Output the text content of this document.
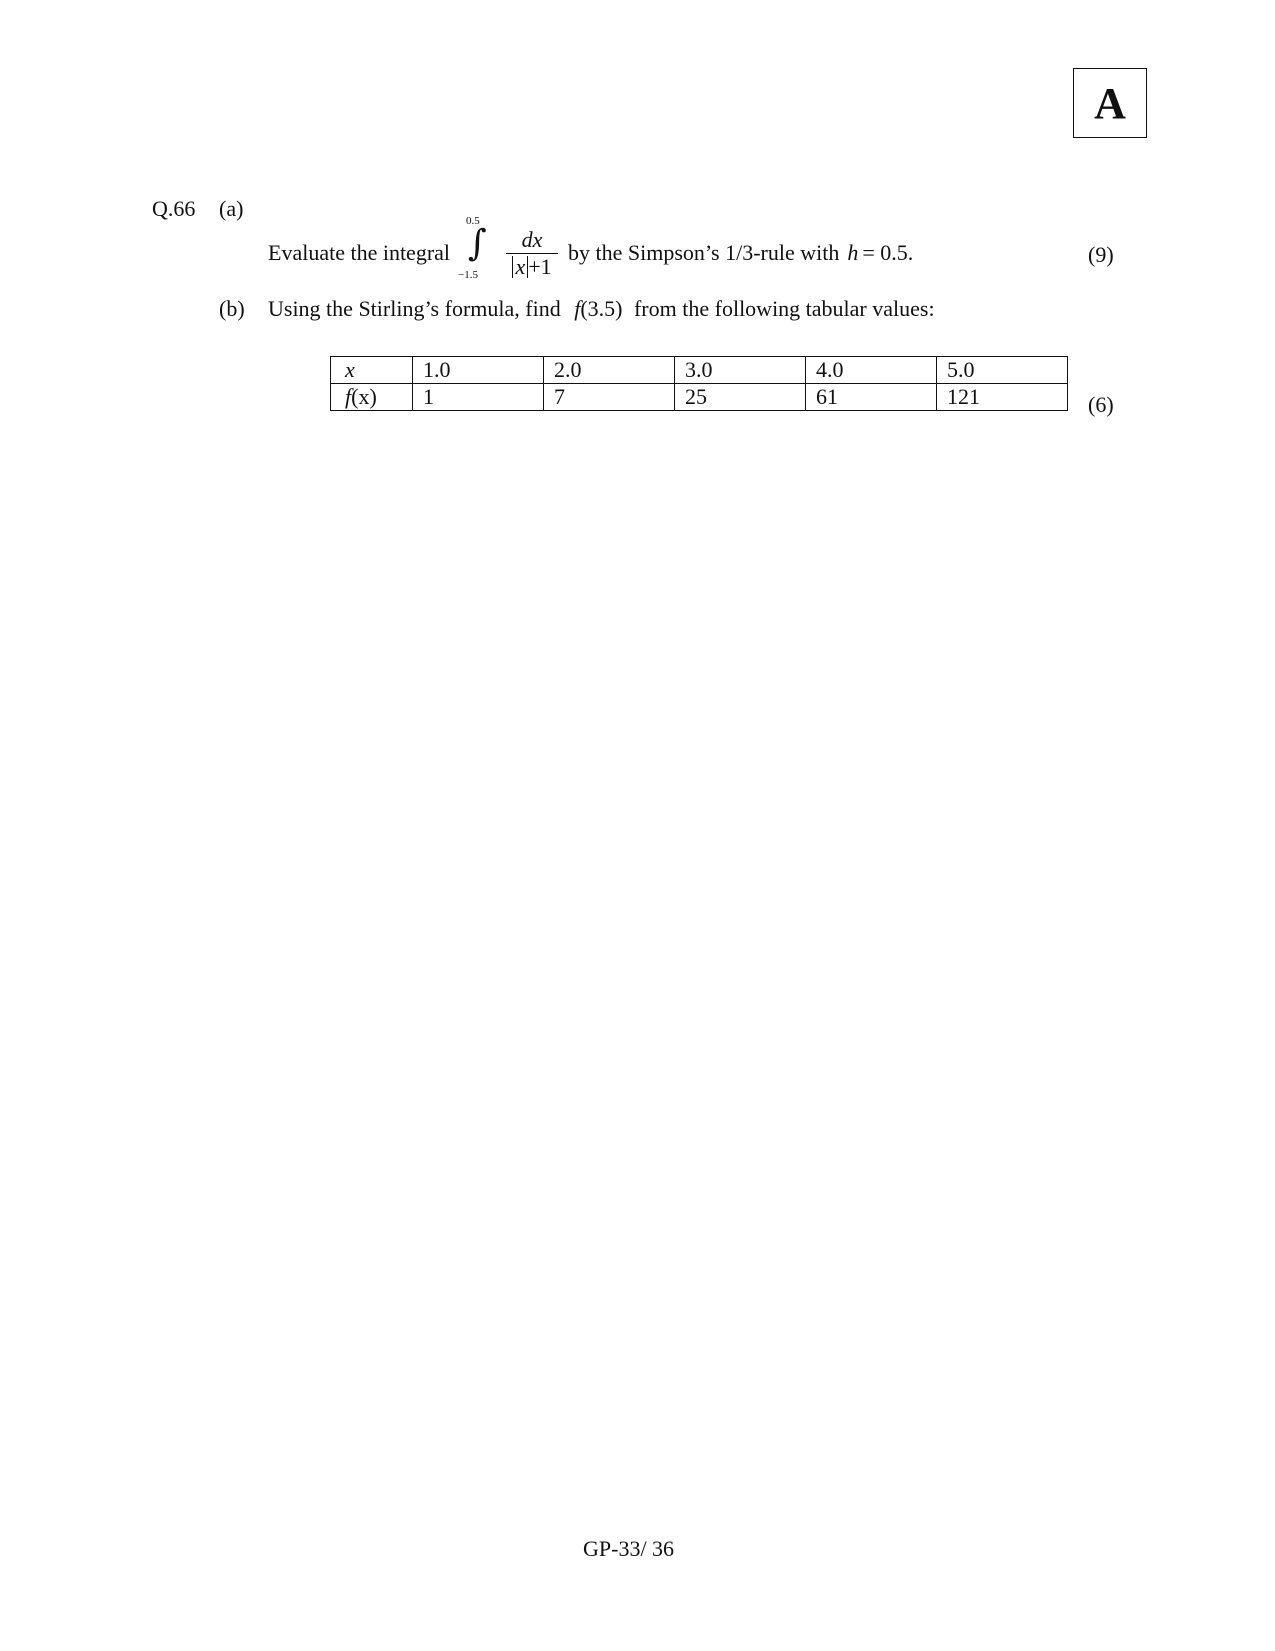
A
Q.66 (a)
Evaluate the integral
0.5
∫
$-1.5 \frac{dx}{x +1}$ by the Simpson’s 1/3-rule with h = 0.5.	(9)
(b) Using the Stirling’s formula, find f(3.5) from the following tabular values:
x	1.0	2.0	3.0	4.0	5.0
f(x)	1	7	25	61	121	(6)
GP-33/ 36
